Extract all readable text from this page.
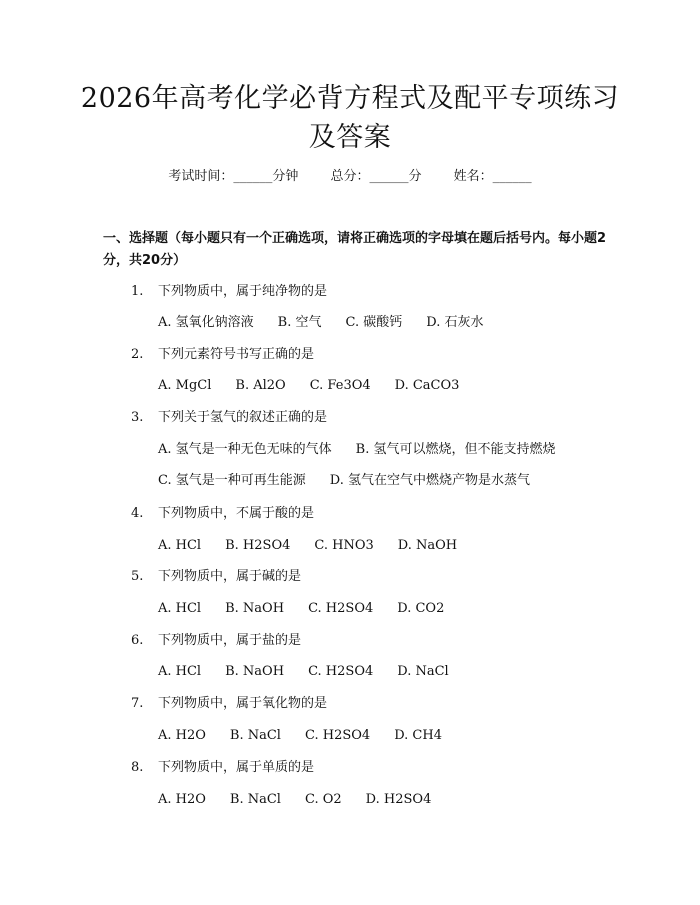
2026年高考化学必背方程式及配平专项练习
及答案
考试时间：______分钟 总分：______分 姓名：______
一、选择题（每小题只有一个正确选项，请将正确选项的字母填在题后括号内。每小题2分，共20分）
1. 下列物质中，属于纯净物的是
A. 氢氧化钠溶液 B. 空气 C. 碳酸钙 D. 石灰水
2. 下列元素符号书写正确的是
A. MgCl B. Al2O C. Fe3O4 D. CaCO3
3. 下列关于氢气的叙述正确的是
A. 氢气是一种无色无味的气体 B. 氢气可以燃烧，但不能支持燃烧
C. 氢气是一种可再生能源 D. 氢气在空气中燃烧产物是水蒸气
4. 下列物质中，不属于酸的是
A. HCl B. H2SO4 C. HNO3 D. NaOH
5. 下列物质中，属于碱的是
A. HCl B. NaOH C. H2SO4 D. CO2
6. 下列物质中，属于盐的是
A. HCl B. NaOH C. H2SO4 D. NaCl
7. 下列物质中，属于氧化物的是
A. H2O B. NaCl C. H2SO4 D. CH4
8. 下列物质中，属于单质的是
A. H2O B. NaCl C. O2 D. H2SO4
